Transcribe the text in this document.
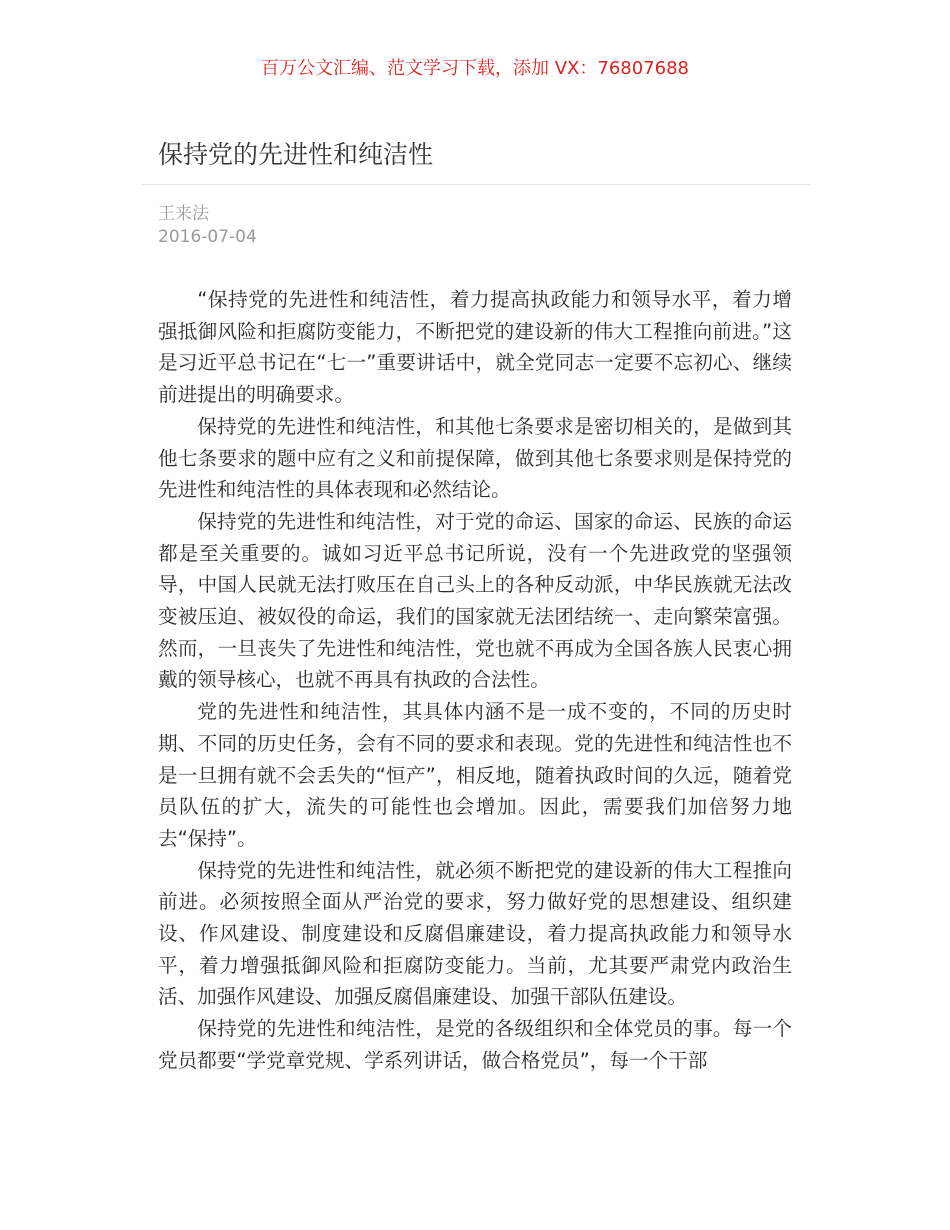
百万公文汇编、范文学习下载，添加 VX：76807688
保持党的先进性和纯洁性
王来法
2016-07-04

“保持党的先进性和纯洁性，着力提高执政能力和领导水平，着力增强抵御风险和拒腐防变能力，不断把党的建设新的伟大工程推向前进。”这是习近平总书记在“七一”重要讲话中，就全党同志一定要不忘初心、继续前进提出的明确要求。

保持党的先进性和纯洁性，和其他七条要求是密切相关的，是做到其他七条要求的题中应有之义和前提保障，做到其他七条要求则是保持党的先进性和纯洁性的具体表现和必然结论。

保持党的先进性和纯洁性，对于党的命运、国家的命运、民族的命运都是至关重要的。诚如习近平总书记所说，没有一个先进政党的坚强领导，中国人民就无法打败压在自己头上的各种反动派，中华民族就无法改变被压迫、被奴役的命运，我们的国家就无法团结统一、走向繁荣富强。然而，一旦丧失了先进性和纯洁性，党也就不再成为全国各族人民衷心拥戴的领导核心，也就不再具有执政的合法性。

党的先进性和纯洁性，其具体内涵不是一成不变的，不同的历史时期、不同的历史任务，会有不同的要求和表现。党的先进性和纯洁性也不是一旦拥有就不会丢失的“恒产”，相反地，随着执政时间的久远，随着党员队伍的扩大，流失的可能性也会增加。因此，需要我们加倍努力地去“保持”。

保持党的先进性和纯洁性，就必须不断把党的建设新的伟大工程推向前进。必须按照全面从严治党的要求，努力做好党的思想建设、组织建设、作风建设、制度建设和反腐倡廉建设，着力提高执政能力和领导水平，着力增强抵御风险和拒腐防变能力。当前，尤其要严肃党内政治生活、加强作风建设、加强反腐倡廉建设、加强干部队伍建设。

保持党的先进性和纯洁性，是党的各级组织和全体党员的事。每一个党员都要“学党章党规、学系列讲话，做合格党员”，每一个干部
